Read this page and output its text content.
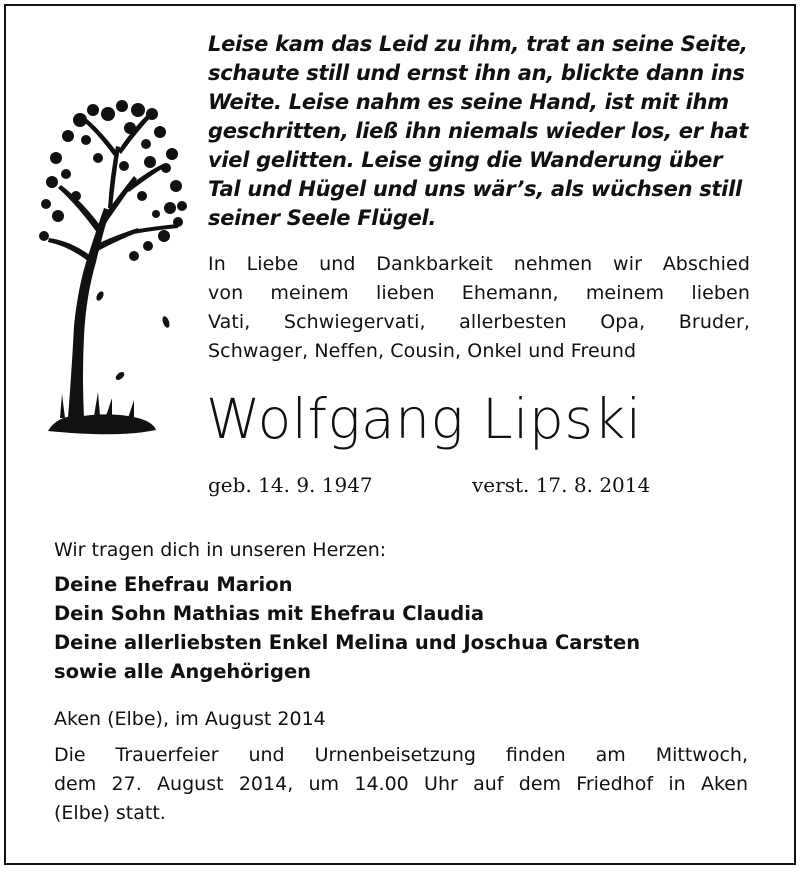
Leise kam das Leid zu ihm, trat an seine Seite,
schaute still und ernst ihn an, blickte dann ins
Weite. Leise nahm es seine Hand, ist mit ihm
geschritten, ließ ihn niemals wieder los, er hat
viel gelitten. Leise ging die Wanderung über
Tal und Hügel und uns wär’s, als wüchsen still
seiner Seele Flügel.
In Liebe und Dankbarkeit nehmen wir Abschied
von meinem lieben Ehemann, meinem lieben
Vati, Schwiegervati, allerbesten Opa, Bruder,
Schwager, Neffen, Cousin, Onkel und Freund
Wolfgang Lipski
geb. 14. 9. 1947	verst. 17. 8. 2014
Wir tragen dich in unseren Herzen:
Deine Ehefrau Marion
Dein Sohn Mathias mit Ehefrau Claudia
Deine allerliebsten Enkel Melina und Joschua Carsten
sowie alle Angehörigen
Aken (Elbe), im August 2014
Die Trauerfeier und Urnenbeisetzung finden am Mittwoch,
dem 27. August 2014, um 14.00 Uhr auf dem Friedhof in Aken
(Elbe) statt.
